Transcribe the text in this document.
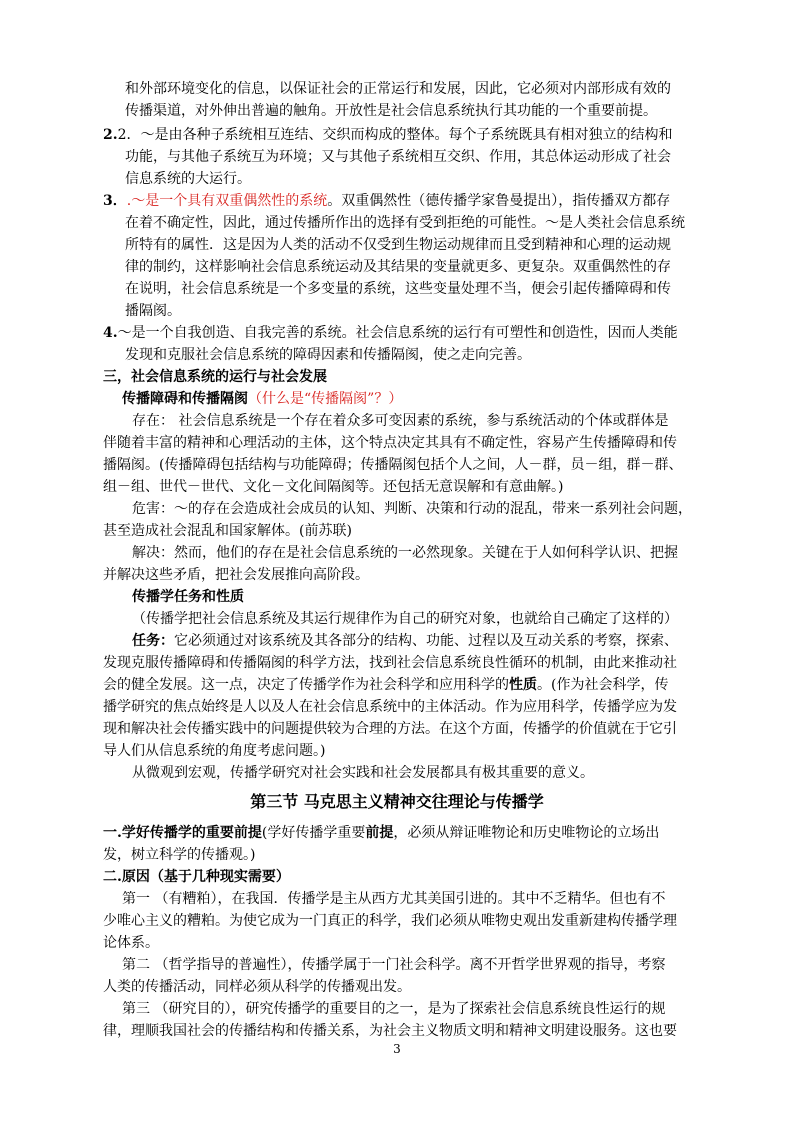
和外部环境变化的信息，以保证社会的正常运行和发展，因此，它必须对内部形成有效的
传播渠道，对外伸出普遍的触角。开放性是社会信息系统执行其功能的一个重要前提。
2.2．～是由各种子系统相互连结、交织而构成的整体。每个子系统既具有相对独立的结构和
功能，与其他子系统互为环境；又与其他子系统相互交织、作用，其总体运动形成了社会
信息系统的大运行。
3．.～是一个具有双重偶然性的系统。双重偶然性（德传播学家鲁曼提出），指传播双方都存
在着不确定性，因此，通过传播所作出的选择有受到拒绝的可能性。～是人类社会信息系统
所特有的属性．这是因为人类的活动不仅受到生物运动规律而且受到精神和心理的运动规
律的制约，这样影响社会信息系统运动及其结果的变量就更多、更复杂。双重偶然性的存
在说明，社会信息系统是一个多变量的系统，这些变量处理不当，便会引起传播障碍和传
播隔阂。
4.～是一个自我创造、自我完善的系统。社会信息系统的运行有可塑性和创造性，因而人类能
发现和克服社会信息系统的障碍因素和传播隔阂，使之走向完善。
三，社会信息系统的运行与社会发展
传播障碍和传播隔阂（什么是“传播隔阂”？）
存在： 社会信息系统是一个存在着众多可变因素的系统，参与系统活动的个体或群体是
伴随着丰富的精神和心理活动的主体，这个特点决定其具有不确定性，容易产生传播障碍和传
播隔阂。(传播障碍包括结构与功能障碍；传播隔阂包括个人之间，人－群，员－组，群－群、
组－组、世代－世代、文化－文化间隔阂等。还包括无意误解和有意曲解。)
危害：～的存在会造成社会成员的认知、判断、决策和行动的混乱，带来一系列社会问题，
甚至造成社会混乱和国家解体。(前苏联)
解决：然而，他们的存在是社会信息系统的一必然现象。关键在于人如何科学认识、把握
并解决这些矛盾，把社会发展推向高阶段。
传播学任务和性质
（传播学把社会信息系统及其运行规律作为自己的研究对象，也就给自己确定了这样的）
任务：它必须通过对该系统及其各部分的结构、功能、过程以及互动关系的考察，探索、
发现克服传播障碍和传播隔阂的科学方法，找到社会信息系统良性循环的机制，由此来推动社
会的健全发展。这一点，决定了传播学作为社会科学和应用科学的性质。(作为社会科学，传
播学研究的焦点始终是人以及人在社会信息系统中的主体活动。作为应用科学，传播学应为发
现和解决社会传播实践中的问题提供较为合理的方法。在这个方面，传播学的价值就在于它引
导人们从信息系统的角度考虑问题。)
从微观到宏观，传播学研究对社会实践和社会发展都具有极其重要的意义。
第三节 马克思主义精神交往理论与传播学
一.学好传播学的重要前提(学好传播学重要前提，必须从辩证唯物论和历史唯物论的立场出
发，树立科学的传播观。)
二.原因（基于几种现实需要）
第一 （有糟粕），在我国．传播学是主从西方尤其美国引进的。其中不乏精华。但也有不
少唯心主义的糟粕。为使它成为一门真正的科学，我们必须从唯物史观出发重新建构传播学理
论体系。
第二 （哲学指导的普遍性），传播学属于一门社会科学。离不开哲学世界观的指导，考察
人类的传播活动，同样必须从科学的传播观出发。
第三 （研究目的），研究传播学的重要目的之一，是为了探索社会信息系统良性运行的规
律，理顺我国社会的传播结构和传播关系，为社会主义物质文明和精神文明建设服务。这也要
3
